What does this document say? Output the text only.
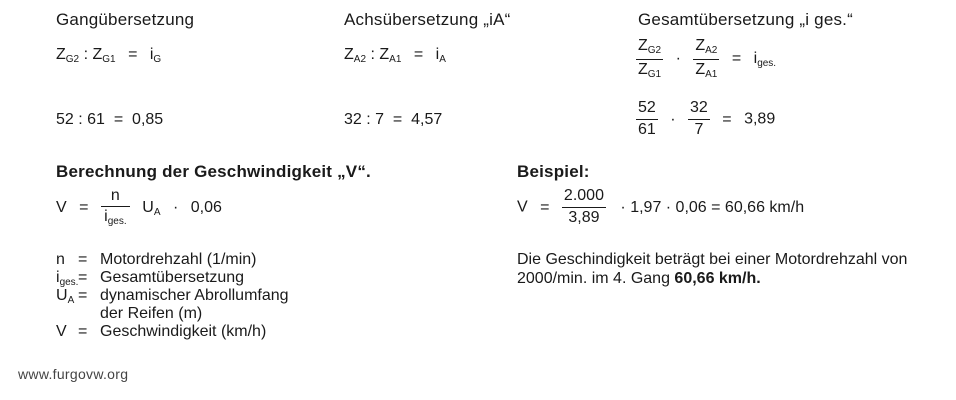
Gangübersetzung
$Z_{G2}$ : $Z_{G1} = i_G$
52 : 61  =  0,85
Achsübersetzung „iA“
$Z_{A2}$ : $Z_{A1} = i_A$
32 : 7  =  4,57
Gesamtübersetzung „i ges.“
$\frac{Z_{G2}}{Z_{G1}} \cdot \frac{Z_{A2}}{Z_{A1}} = i_{ges.}$
$\frac{52}{61} \cdot \frac{32}{7} = 3,89$
Berechnung der Geschwindigkeit „V“.
$V = \frac{n}{i_{ges.}} U_A \cdot 0,06$
n = Motordrehzahl (1/min)
$i_{ges.}$ = Gesamtübersetzung
$U_A$ = dynamischer Abrollumfang
der Reifen (m)
V = Geschwindigkeit (km/h)
Beispiel:
$V = \frac{2.000}{3,89} \cdot 1,97 \cdot 0,06 = 60,66$ km/h
Die Geschindigkeit beträgt bei einer Motordrehzahl von 2000/min. im 4. Gang 60,66 km/h.
www.furgovw.org
